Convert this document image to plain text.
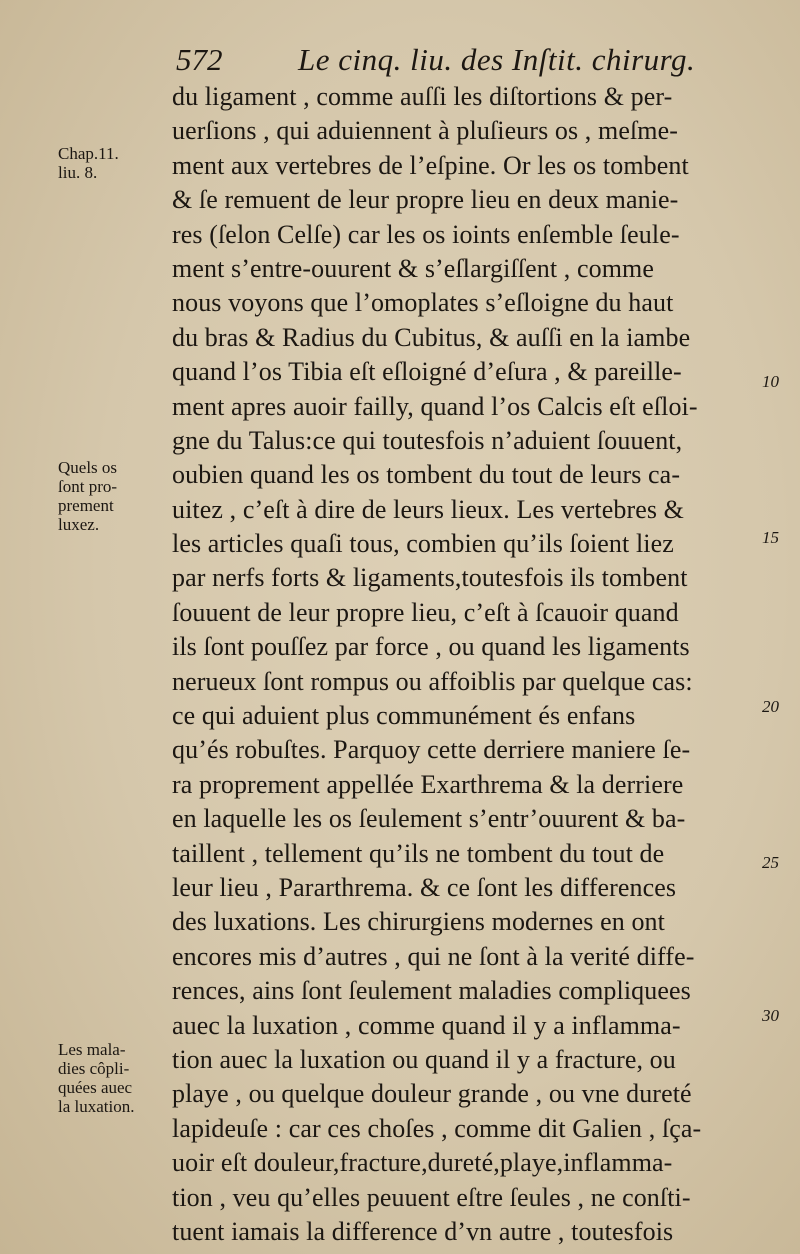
572 Le cinq. liu. des Inſtit. chirurg.
du ligament , comme auſſi les diſtortions & per-
uerſions , qui aduiennent à pluſieurs os , meſme-
ment aux vertebres de l’eſpine. Or les os tombent
& ſe remuent de leur propre lieu en deux manie-
res (ſelon Celſe) car les os ioints enſemble ſeule-
ment s’entre-ouurent & s’eſlargiſſent , comme
nous voyons que l’omoplates s’eſloigne du haut
du bras & Radius du Cubitus, & auſſi en la iambe
quand l’os Tibia eſt eſloigné d’eſura , & pareille-
ment apres auoir failly, quand l’os Calcis eſt eſloi-
gne du Talus:ce qui toutesfois n’aduient ſouuent,
oubien quand les os tombent du tout de leurs ca-
uitez , c’eſt à dire de leurs lieux. Les vertebres &
les articles quaſi tous, combien qu’ils ſoient liez
par nerfs forts & ligaments,toutesfois ils tombent
ſouuent de leur propre lieu, c’eſt à ſcauoir quand
ils ſont pouſſez par force , ou quand les ligaments
nerueux ſont rompus ou affoiblis par quelque cas:
ce qui aduient plus communément és enfans
qu’és robuſtes. Parquoy cette derriere maniere ſe-
ra proprement appellée Exarthrema & la derriere
en laquelle les os ſeulement s’entr’ouurent & ba-
taillent , tellement qu’ils ne tombent du tout de
leur lieu , Pararthrema. & ce ſont les differences
des luxations. Les chirurgiens modernes en ont
encores mis d’autres , qui ne ſont à la verité diffe-
rences, ains ſont ſeulement maladies compliquees
auec la luxation , comme quand il y a inflamma-
tion auec la luxation ou quand il y a fracture, ou
playe , ou quelque douleur grande , ou vne dureté
lapideuſe : car ces choſes , comme dit Galien , ſça-
uoir eſt douleur,fracture,dureté,playe,inflamma-
tion , veu qu’elles peuuent eſtre ſeules , ne conſti-
tuent iamais la difference d’vn autre , toutesfois
Chap.11.
liu. 8.
Quels os
ſont pro-
prement
luxez.
Les mala-
dies côpli-
quées auec
la luxation.
10
15
20
25
30
